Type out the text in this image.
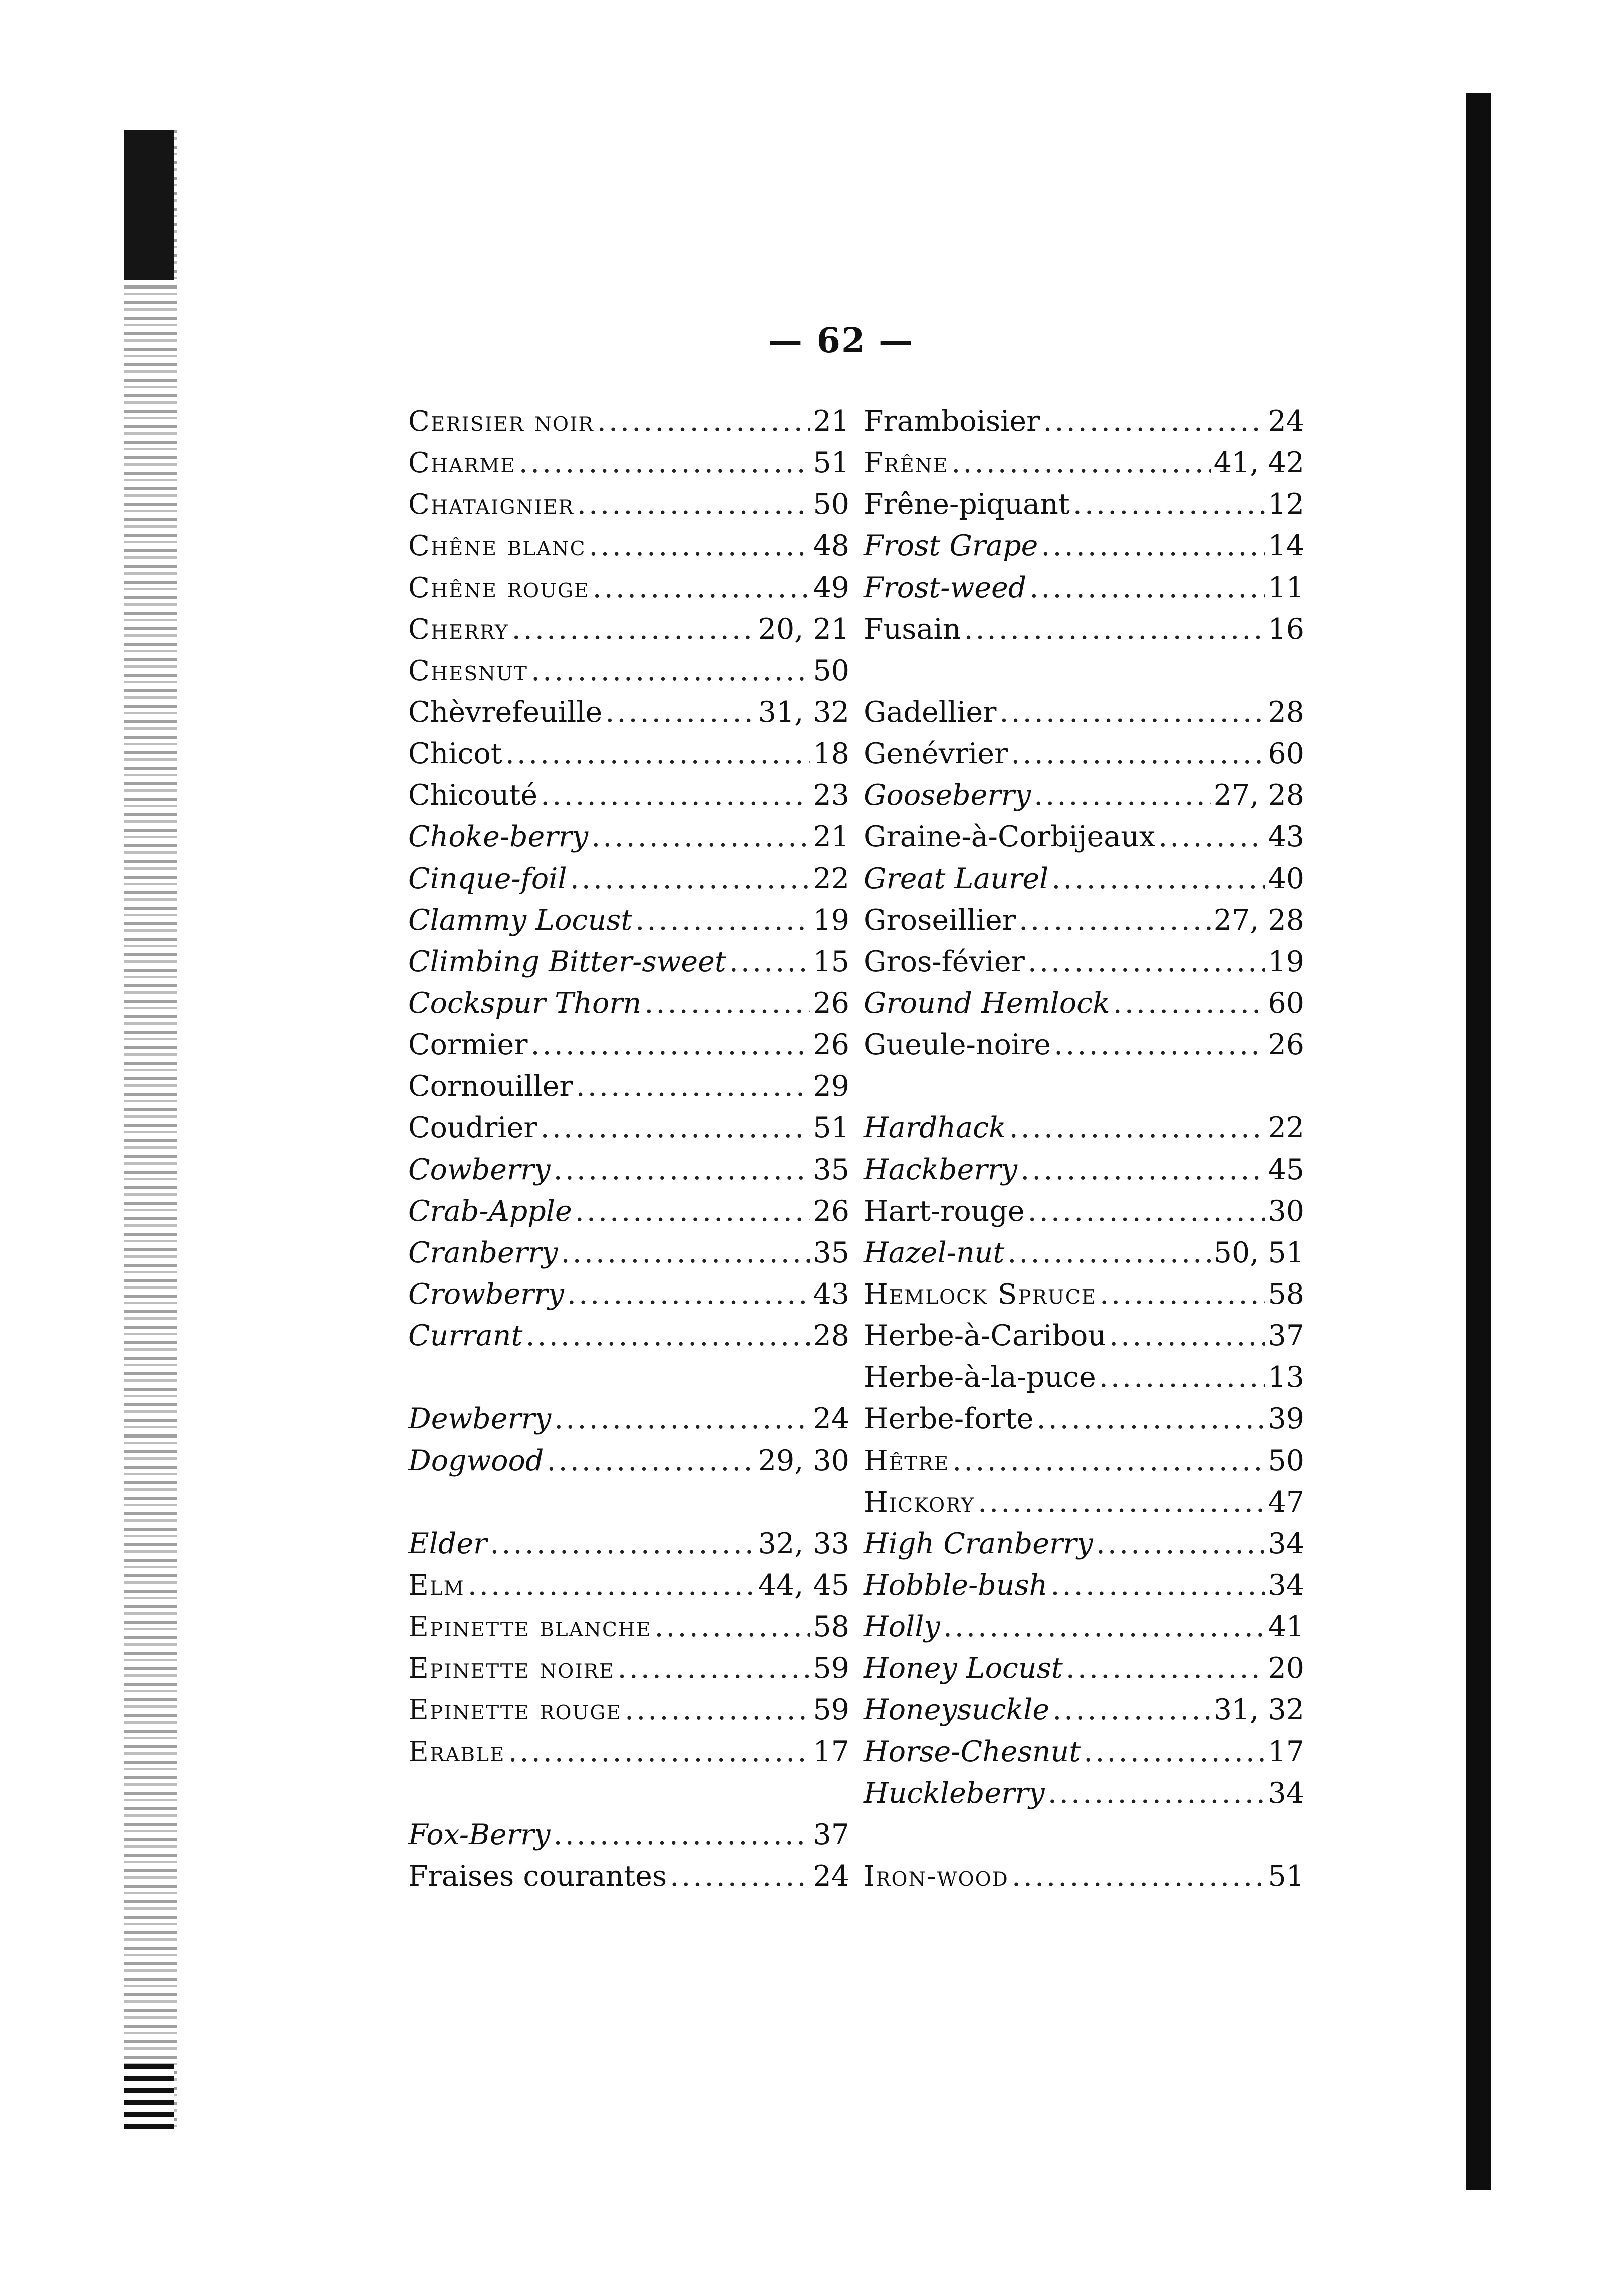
— 62 —
Cerisier noir .....	21
Charme .....	51
Chataignier .....	50
Chêne blanc .....	48
Chêne rouge .....	49
Cherry .....	20, 21
Chesnut .....	50
Chèvrefeuille .....	31, 32
Chicot .....	18
Chicouté .....	23
Choke-berry .....	21
Cinque-foil .....	22
Clammy Locust .....	19
Climbing Bitter-sweet .....	15
Cockspur Thorn .....	26
Cormier .....	26
Cornouiller .....	29
Coudrier .....	51
Cowberry .....	35
Crab-Apple .....	26
Cranberry .....	35
Crowberry .....	43
Currant .....	28
Dewberry .....	24
Dogwood .....	29, 30
Elder .....	32, 33
Elm .....	44, 45
Epinette blanche .....	58
Epinette noire .....	59
Epinette rouge .....	59
Erable .....	17
Fox-Berry .....	37
Fraises courantes .....	24
Framboisier .....	24
Frêne .....	41, 42
Frêne-piquant .....	12
Frost Grape .....	14
Frost-weed .....	11
Fusain .....	16
Gadellier .....	28
Genévrier .....	60
Gooseberry .....	27, 28
Graine-à-Corbijeaux .....	43
Great Laurel .....	40
Groseillier .....	27, 28
Gros-févier .....	19
Ground Hemlock .....	60
Gueule-noire .....	26
Hardhack .....	22
Hackberry .....	45
Hart-rouge .....	30
Hazel-nut .....	50, 51
Hemlock Spruce .....	58
Herbe-à-Caribou .....	37
Herbe-à-la-puce .....	13
Herbe-forte .....	39
Hêtre .....	50
Hickory .....	47
High Cranberry .....	34
Hobble-bush .....	34
Holly .....	41
Honey Locust .....	20
Honeysuckle .....	31, 32
Horse-Chesnut .....	17
Huckleberry .....	34
Iron-wood .....	51
